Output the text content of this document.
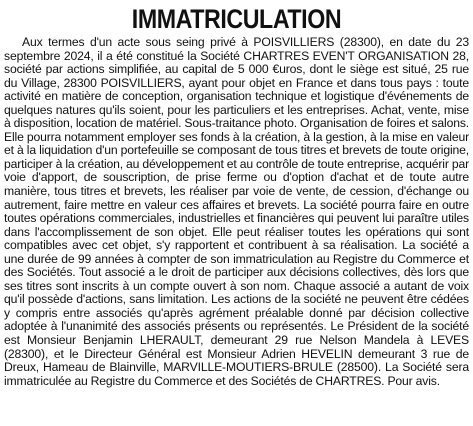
IMMATRICULATION

Aux termes d'un acte sous seing privé à POISVILLIERS (28300), en date du 23 septembre 2024, il a été constitué la Société CHARTRES EVEN'T ORGANISATION 28, société par actions simplifiée, au capital de 5 000 €uros, dont le siège est situé, 25 rue du Village, 28300 POISVILLIERS, ayant pour objet en France et dans tous pays : toute activité en matière de conception, organisation technique et logistique d'événements de quelques natures qu'ils soient, pour les particuliers et les entreprises. Achat, vente, mise à disposition, location de matériel. Sous-traitance photo. Organisation de foires et salons. Elle pourra notamment employer ses fonds à la création, à la gestion, à la mise en valeur et à la liquidation d'un portefeuille se composant de tous titres et brevets de toute origine, participer à la création, au développement et au contrôle de toute entreprise, acquérir par voie d'apport, de souscription, de prise ferme ou d'option d'achat et de toute autre manière, tous titres et brevets, les réaliser par voie de vente, de cession, d'échange ou autrement, faire mettre en valeur ces affaires et brevets. La société pourra faire en outre toutes opérations commerciales, industrielles et financières qui peuvent lui paraître utiles dans l'accomplissement de son objet. Elle peut réaliser toutes les opérations qui sont compatibles avec cet objet, s'y rapportent et contribuent à sa réalisation. La société a une durée de 99 années à compter de son immatriculation au Registre du Commerce et des Sociétés. Tout associé a le droit de participer aux décisions collectives, dès lors que ses titres sont inscrits à un compte ouvert à son nom. Chaque associé a autant de voix qu'il possède d'actions, sans limitation. Les actions de la société ne peuvent être cédées y compris entre associés qu'après agrément préalable donné par décision collective adoptée à l'unanimité des associés présents ou représentés. Le Président de la société est Monsieur Benjamin LHERAULT, demeurant 29 rue Nelson Mandela à LEVES (28300), et le Directeur Général est Monsieur Adrien HEVELIN demeurant 3 rue de Dreux, Hameau de Blainville, MARVILLE-MOUTIERS-BRULE (28500). La Société sera immatriculée au Registre du Commerce et des Sociétés de CHARTRES. Pour avis.
